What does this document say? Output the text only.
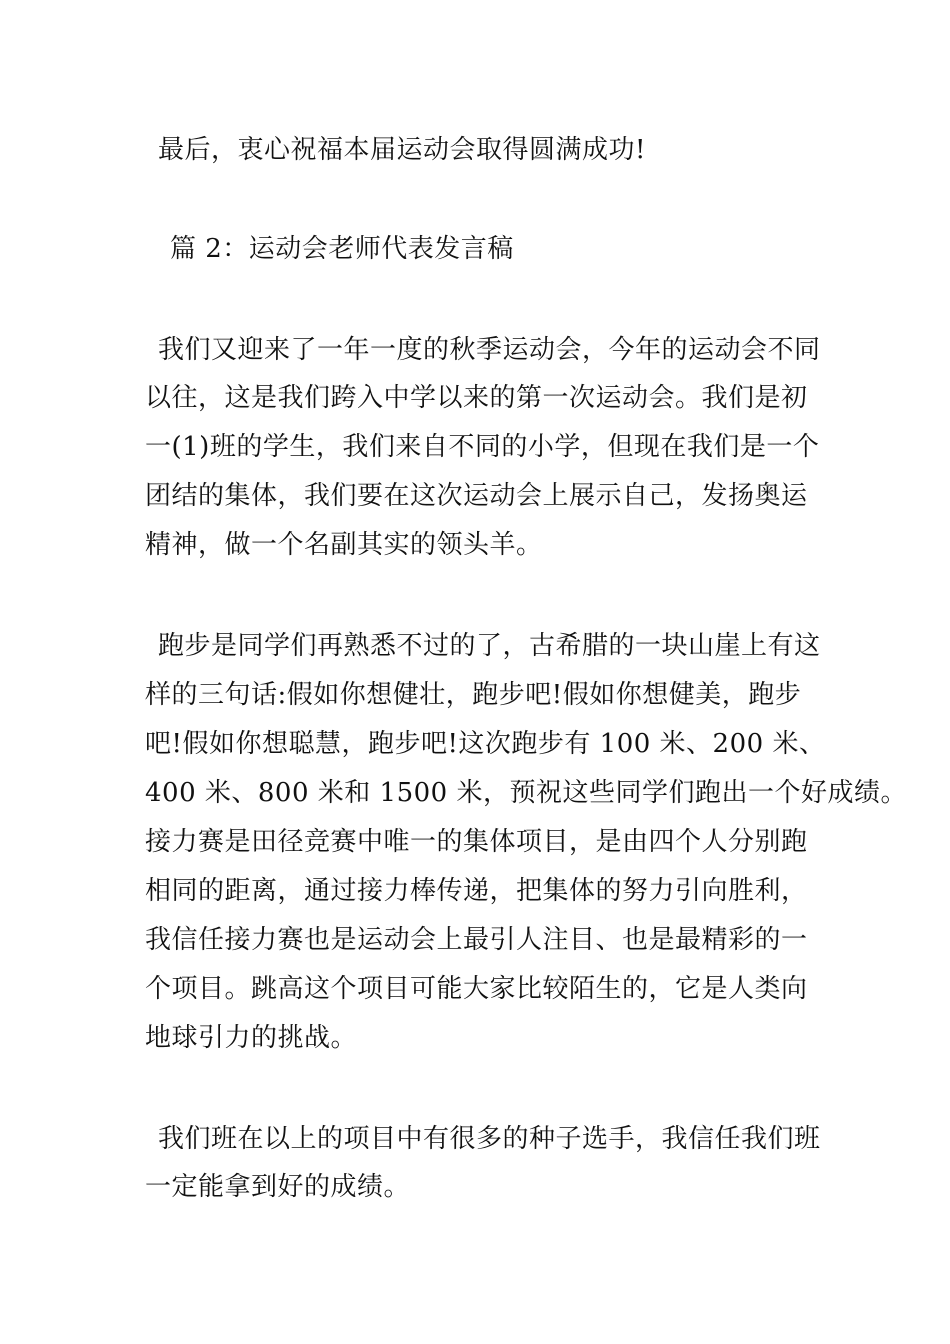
最后，衷心祝福本届运动会取得圆满成功!
篇 2：运动会老师代表发言稿
我们又迎来了一年一度的秋季运动会，今年的运动会不同
以往，这是我们跨入中学以来的第一次运动会。我们是初
一(1)班的学生，我们来自不同的小学，但现在我们是一个
团结的集体，我们要在这次运动会上展示自己，发扬奥运
精神，做一个名副其实的领头羊。
跑步是同学们再熟悉不过的了，古希腊的一块山崖上有这
样的三句话:假如你想健壮，跑步吧!假如你想健美，跑步
吧!假如你想聪慧，跑步吧!这次跑步有 100 米、200 米、
400 米、800 米和 1500 米，预祝这些同学们跑出一个好成绩。
接力赛是田径竞赛中唯一的集体项目，是由四个人分别跑
相同的距离，通过接力棒传递，把集体的努力引向胜利，
我信任接力赛也是运动会上最引人注目、也是最精彩的一
个项目。跳高这个项目可能大家比较陌生的，它是人类向
地球引力的挑战。
我们班在以上的项目中有很多的种子选手，我信任我们班
一定能拿到好的成绩。
